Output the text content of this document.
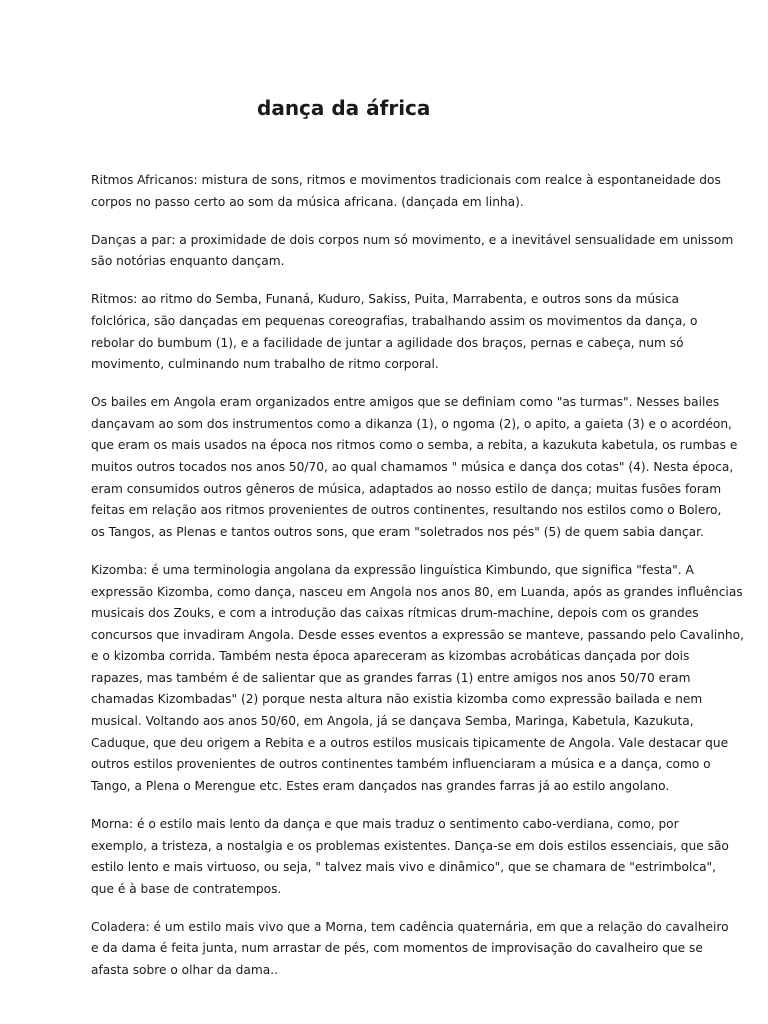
dança da áfrica

Ritmos Africanos: mistura de sons, ritmos e movimentos tradicionais com realce à espontaneidade dos
corpos no passo certo ao som da música africana. (dançada em linha).

Danças a par: a proximidade de dois corpos num só movimento, e a inevitável sensualidade em unissom
são notórias enquanto dançam.

Ritmos: ao ritmo do Semba, Funaná, Kuduro, Sakiss, Puita, Marrabenta, e outros sons da música
folclórica, são dançadas em pequenas coreografias, trabalhando assim os movimentos da dança, o
rebolar do bumbum (1), e a facilidade de juntar a agilidade dos braços, pernas e cabeça, num só
movimento, culminando num trabalho de ritmo corporal.

Os bailes em Angola eram organizados entre amigos que se definiam como "as turmas". Nesses bailes
dançavam ao som dos instrumentos como a dikanza (1), o ngoma (2), o apito, a gaieta (3) e o acordéon,
que eram os mais usados na época nos ritmos como o semba, a rebita, a kazukuta kabetula, os rumbas e
muitos outros tocados nos anos 50/70, ao qual chamamos " música e dança dos cotas" (4). Nesta época,
eram consumidos outros gêneros de música, adaptados ao nosso estilo de dança; muitas fusões foram
feitas em relação aos ritmos provenientes de outros continentes, resultando nos estilos como o Bolero,
os Tangos, as Plenas e tantos outros sons, que eram "soletrados nos pés" (5) de quem sabia dançar.

Kizomba: é uma terminologia angolana da expressão linguística Kimbundo, que significa "festa". A
expressão Kizomba, como dança, nasceu em Angola nos anos 80, em Luanda, após as grandes influências
musicais dos Zouks, e com a introdução das caixas rítmicas drum-machine, depois com os grandes
concursos que invadiram Angola. Desde esses eventos a expressão se manteve, passando pelo Cavalinho,
e o kizomba corrida. Também nesta época apareceram as kizombas acrobáticas dançada por dois
rapazes, mas também é de salientar que as grandes farras (1) entre amigos nos anos 50/70 eram
chamadas Kizombadas" (2) porque nesta altura não existia kizomba como expressão bailada e nem
musical. Voltando aos anos 50/60, em Angola, já se dançava Semba, Maringa, Kabetula, Kazukuta,
Caduque, que deu origem a Rebita e a outros estilos musicais tipicamente de Angola. Vale destacar que
outros estilos provenientes de outros continentes também influenciaram a música e a dança, como o
Tango, a Plena o Merengue etc. Estes eram dançados nas grandes farras já ao estilo angolano.

Morna: é o estilo mais lento da dança e que mais traduz o sentimento cabo-verdiana, como, por
exemplo, a tristeza, a nostalgia e os problemas existentes. Dança-se em dois estilos essenciais, que são
estilo lento e mais virtuoso, ou seja, " talvez mais vivo e dinâmico", que se chamara de "estrimbolca",
que é à base de contratempos.

Coladera: é um estilo mais vivo que a Morna, tem cadência quaternária, em que a relação do cavalheiro
e da dama é feita junta, num arrastar de pés, com momentos de improvisação do cavalheiro que se
afasta sobre o olhar da dama..
